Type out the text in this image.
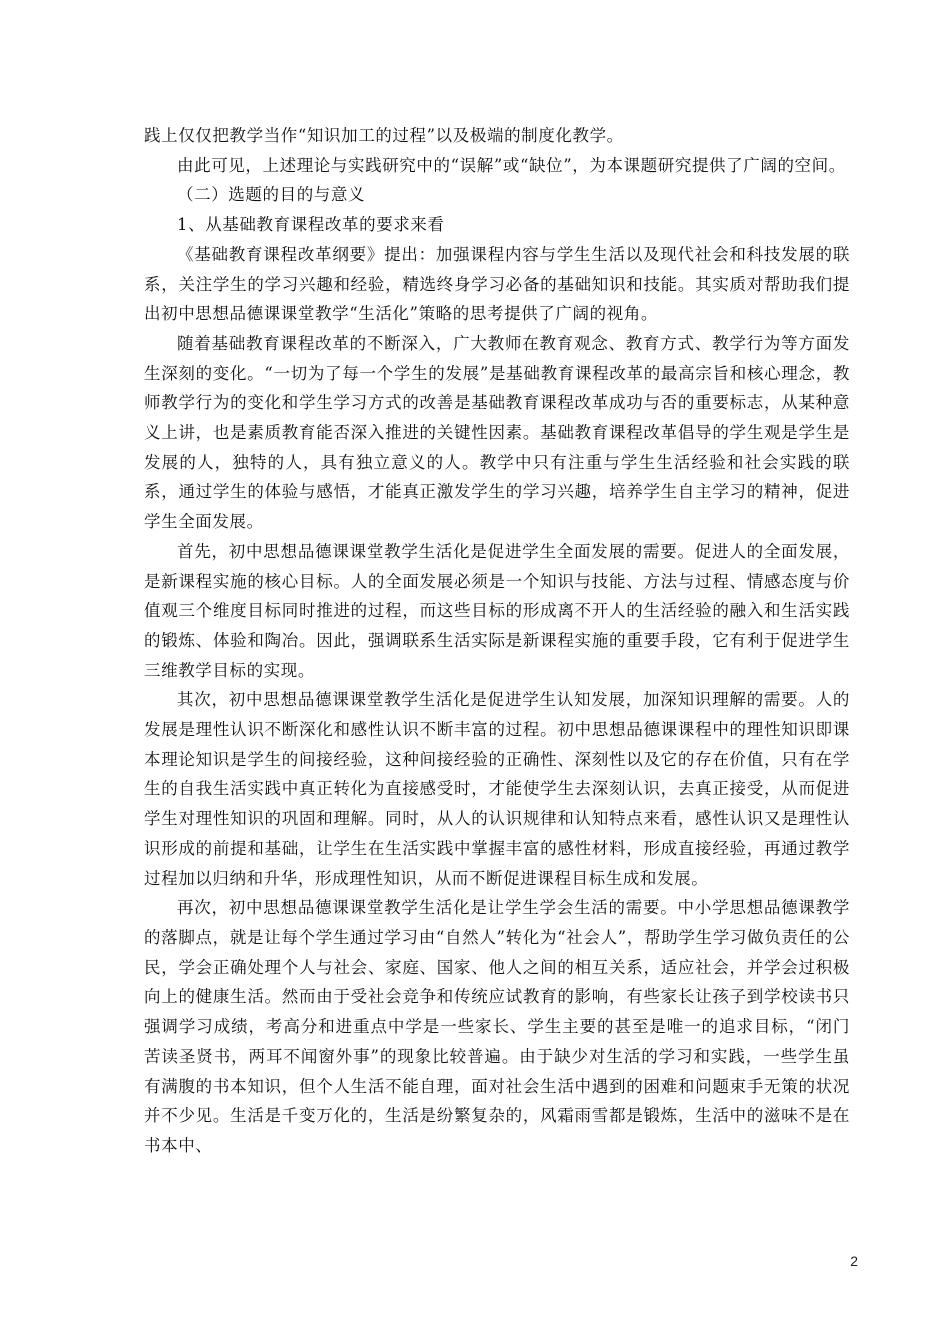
践上仅仅把教学当作“知识加工的过程”以及极端的制度化教学。

由此可见，上述理论与实践研究中的“误解”或“缺位”，为本课题研究提供了广阔的空间。

（二）选题的目的与意义

1、从基础教育课程改革的要求来看

《基础教育课程改革纲要》提出：加强课程内容与学生生活以及现代社会和科技发展的联系，关注学生的学习兴趣和经验，精选终身学习必备的基础知识和技能。其实质对帮助我们提出初中思想品德课课堂教学“生活化”策略的思考提供了广阔的视角。

随着基础教育课程改革的不断深入，广大教师在教育观念、教育方式、教学行为等方面发生深刻的变化。“一切为了每一个学生的发展”是基础教育课程改革的最高宗旨和核心理念，教师教学行为的变化和学生学习方式的改善是基础教育课程改革成功与否的重要标志，从某种意义上讲，也是素质教育能否深入推进的关键性因素。基础教育课程改革倡导的学生观是学生是发展的人，独特的人，具有独立意义的人。教学中只有注重与学生生活经验和社会实践的联系，通过学生的体验与感悟，才能真正激发学生的学习兴趣，培养学生自主学习的精神，促进学生全面发展。

首先，初中思想品德课课堂教学生活化是促进学生全面发展的需要。促进人的全面发展，是新课程实施的核心目标。人的全面发展必须是一个知识与技能、方法与过程、情感态度与价值观三个维度目标同时推进的过程，而这些目标的形成离不开人的生活经验的融入和生活实践的锻炼、体验和陶冶。因此，强调联系生活实际是新课程实施的重要手段，它有利于促进学生三维教学目标的实现。

其次，初中思想品德课课堂教学生活化是促进学生认知发展，加深知识理解的需要。人的发展是理性认识不断深化和感性认识不断丰富的过程。初中思想品德课课程中的理性知识即课本理论知识是学生的间接经验，这种间接经验的正确性、深刻性以及它的存在价值，只有在学生的自我生活实践中真正转化为直接感受时，才能使学生去深刻认识，去真正接受，从而促进学生对理性知识的巩固和理解。同时，从人的认识规律和认知特点来看，感性认识又是理性认识形成的前提和基础，让学生在生活实践中掌握丰富的感性材料，形成直接经验，再通过教学过程加以归纳和升华，形成理性知识，从而不断促进课程目标生成和发展。

再次，初中思想品德课课堂教学生活化是让学生学会生活的需要。中小学思想品德课教学的落脚点，就是让每个学生通过学习由“自然人”转化为“社会人”，帮助学生学习做负责任的公民，学会正确处理个人与社会、家庭、国家、他人之间的相互关系，适应社会，并学会过积极向上的健康生活。然而由于受社会竞争和传统应试教育的影响，有些家长让孩子到学校读书只强调学习成绩，考高分和进重点中学是一些家长、学生主要的甚至是唯一的追求目标，“闭门苦读圣贤书，两耳不闻窗外事”的现象比较普遍。由于缺少对生活的学习和实践，一些学生虽有满腹的书本知识，但个人生活不能自理，面对社会生活中遇到的困难和问题束手无策的状况并不少见。生活是千变万化的，生活是纷繁复杂的，风霜雨雪都是锻炼，生活中的滋味不是在书本中、

2
